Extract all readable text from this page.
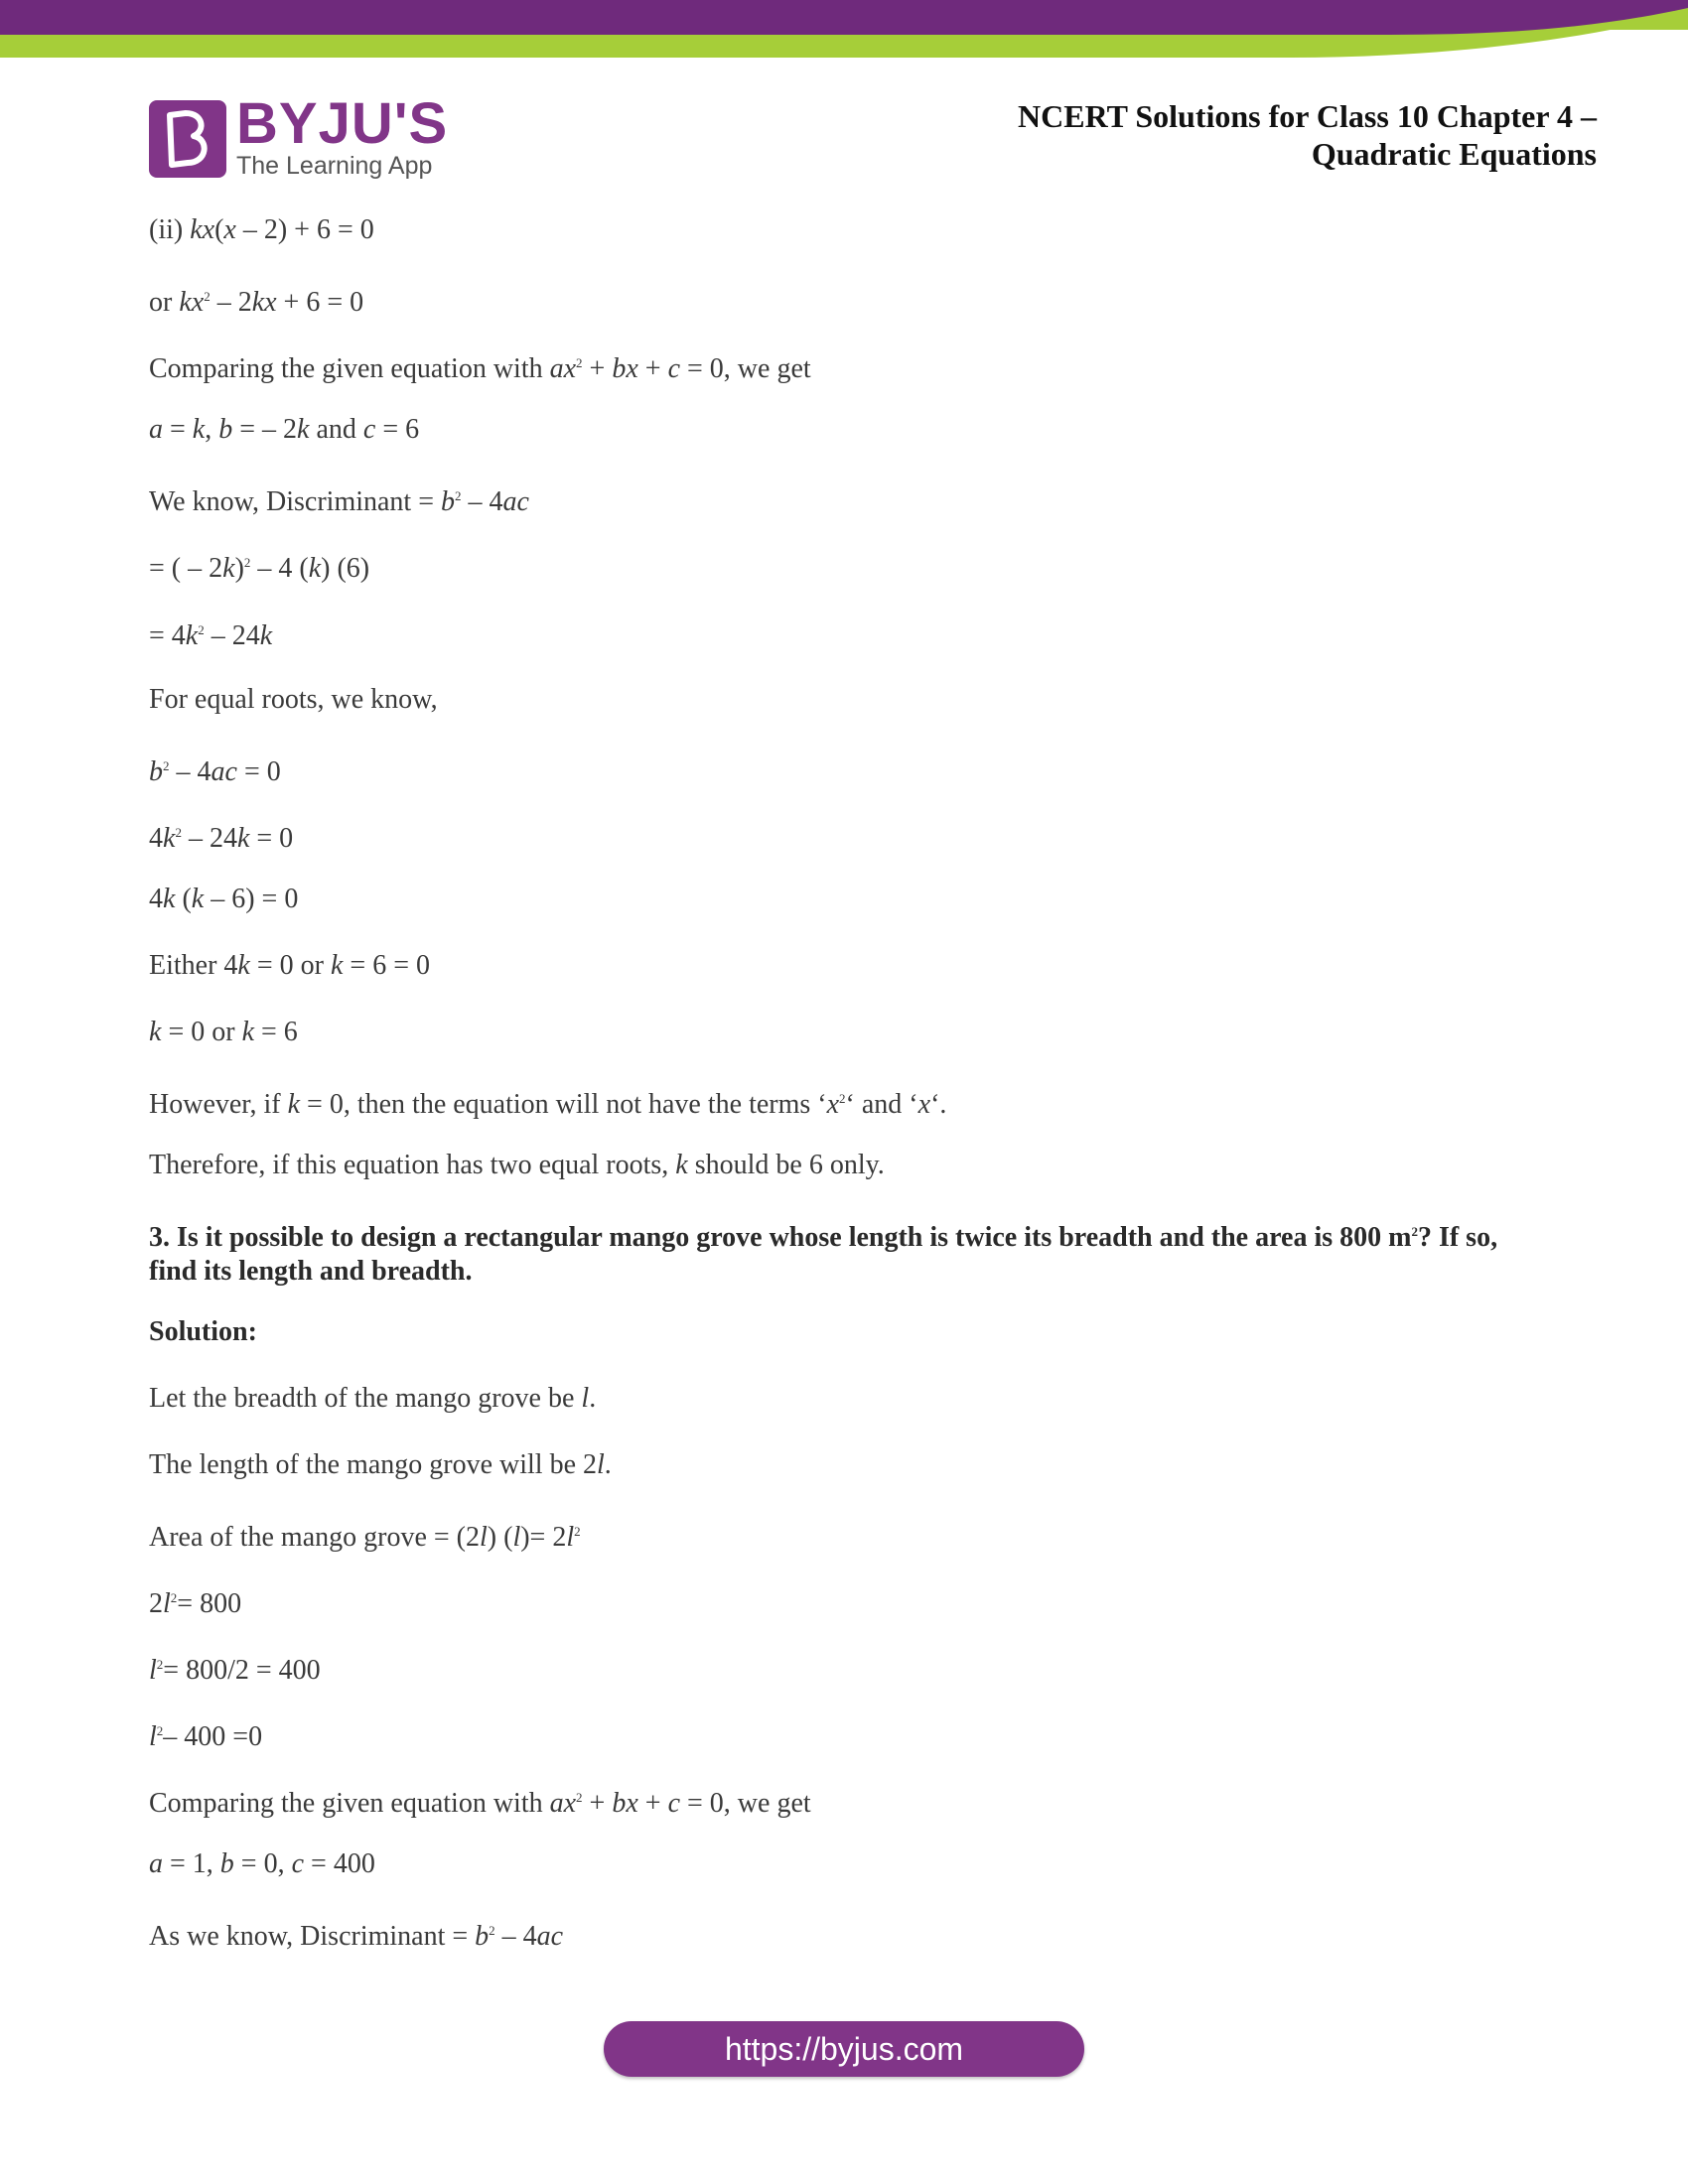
BYJU'S
The Learning App
NCERT Solutions for Class 10 Chapter 4 –
Quadratic Equations
(ii) kx(x – 2) + 6 = 0
or $kx^2 - 2kx + 6 = 0$
Comparing the given equation with $ax^2$ + bx + c = 0, we get
a = k, b = – 2k and c = 6
We know, Discriminant = $b^2 - 4ac$
= ( – 2k)$^2$ – 4 (k) (6)
= $4k^2 - 24k$
For equal roots, we know,
$b^2 - 4ac = 0$
$4k^2 - 24k = 0$
4k (k – 6) = 0
Either 4k = 0 or k = 6 = 0
k = 0 or k = 6
However, if k = 0, then the equation will not have the terms ‘$x^2‘$ and ‘x‘.
Therefore, if this equation has two equal roots, k should be 6 only.
3. Is it possible to design a rectangular mango grove whose length is twice its breadth and the area is 800 $m^2$? If so, find its length and breadth.
Solution:
Let the breadth of the mango grove be l.
The length of the mango grove will be 2l.
Area of the mango grove = (2l) $(l)= 2l^2$
$2l^2= 800$
$l^2= 800/2 = 400$
$l^2-$ 400 =0
Comparing the given equation with $ax^2$ + bx + c = 0, we get
a = 1, b = 0, c = 400
As we know, Discriminant = $b^2 - 4ac$
https://byjus.com
